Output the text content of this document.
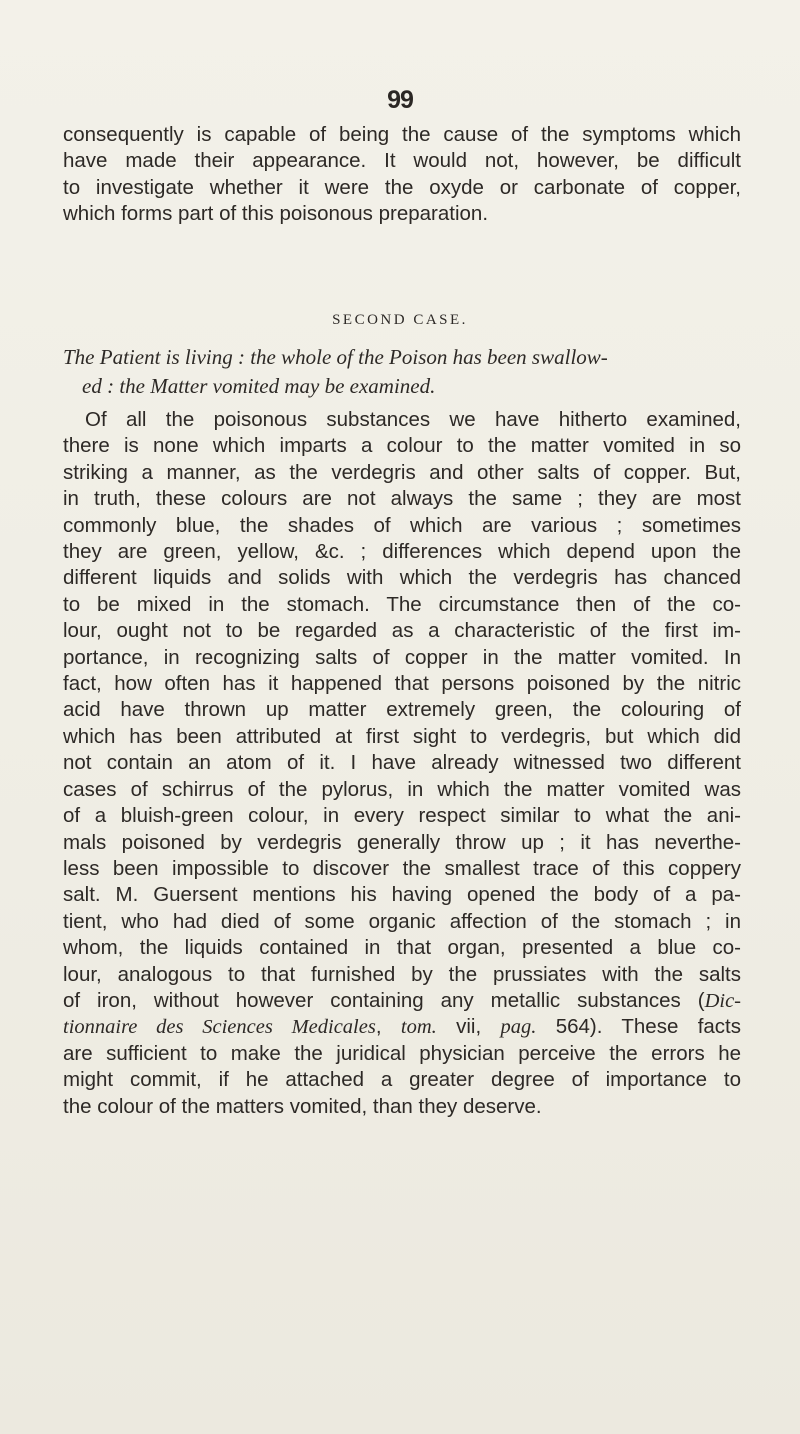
99

consequently is capable of being the cause of the symptoms which
have made their appearance. It would not, however, be difficult
to investigate whether it were the oxyde or carbonate of copper,
which forms part of this poisonous preparation.

SECOND CASE.
The Patient is living : the whole of the Poison has been swallow-
ed : the Matter vomited may be examined.

Of all the poisonous substances we have hitherto examined,
there is none which imparts a colour to the matter vomited in so
striking a manner, as the verdegris and other salts of copper. But,
in truth, these colours are not always the same ; they are most
commonly blue, the shades of which are various ; sometimes
they are green, yellow, &c. ; differences which depend upon the
different liquids and solids with which the verdegris has chanced
to be mixed in the stomach. The circumstance then of the co-
lour, ought not to be regarded as a characteristic of the first im-
portance, in recognizing salts of copper in the matter vomited. In
fact, how often has it happened that persons poisoned by the nitric
acid have thrown up matter extremely green, the colouring of
which has been attributed at first sight to verdegris, but which did
not contain an atom of it. I have already witnessed two different
cases of schirrus of the pylorus, in which the matter vomited was
of a bluish-green colour, in every respect similar to what the ani-
mals poisoned by verdegris generally throw up ; it has neverthe-
less been impossible to discover the smallest trace of this coppery
salt. M. Guersent mentions his having opened the body of a pa-
tient, who had died of some organic affection of the stomach ; in
whom, the liquids contained in that organ, presented a blue co-
lour, analogous to that furnished by the prussiates with the salts
of iron, without however containing any metallic substances (Dic-
tionnaire des Sciences Medicales, tom. vii, pag. 564). These facts
are sufficient to make the juridical physician perceive the errors he
might commit, if he attached a greater degree of importance to
the colour of the matters vomited, than they deserve.
